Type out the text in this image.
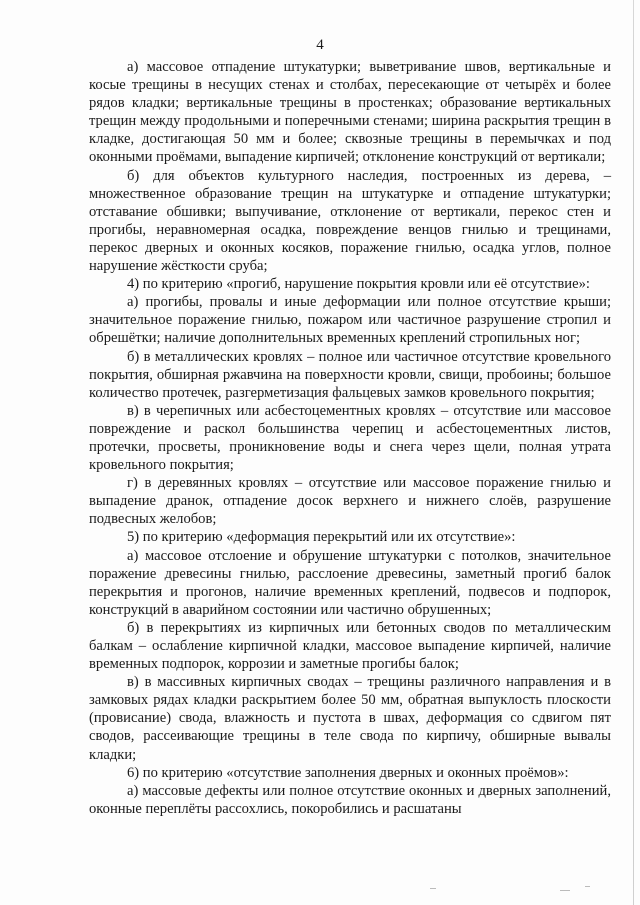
4

а) массовое отпадение штукатурки; выветривание швов, вертикальные и косые трещины в несущих стенах и столбах, пересекающие от четырёх и более рядов кладки; вертикальные трещины в простенках; образование вертикальных трещин между продольными и поперечными стенами; ширина раскрытия трещин в кладке, достигающая 50 мм и более; сквозные трещины в перемычках и под оконными проёмами, выпадение кирпичей; отклонение конструкций от вертикали;

б) для объектов культурного наследия, построенных из дерева, – множественное образование трещин на штукатурке и отпадение штукатурки; отставание обшивки; выпучивание, отклонение от вертикали, перекос стен и прогибы, неравномерная осадка, повреждение венцов гнилью и трещинами, перекос дверных и оконных косяков, поражение гнилью, осадка углов, полное нарушение жёсткости сруба;

4) по критерию «прогиб, нарушение покрытия кровли или её отсутствие»:

а) прогибы, провалы и иные деформации или полное отсутствие крыши; значительное поражение гнилью, пожаром или частичное разрушение стропил и обрешётки; наличие дополнительных временных креплений стропильных ног;

б) в металлических кровлях – полное или частичное отсутствие кровельного покрытия, обширная ржавчина на поверхности кровли, свищи, пробоины; большое количество протечек, разгерметизация фальцевых замков кровельного покрытия;

в) в черепичных или асбестоцементных кровлях – отсутствие или массовое повреждение и раскол большинства черепиц и асбестоцементных листов, протечки, просветы, проникновение воды и снега через щели, полная утрата кровельного покрытия;

г) в деревянных кровлях – отсутствие или массовое поражение гнилью и выпадение дранок, отпадение досок верхнего и нижнего слоёв, разрушение подвесных желобов;

5) по критерию «деформация перекрытий или их отсутствие»:

а) массовое отслоение и обрушение штукатурки с потолков, значительное поражение древесины гнилью, расслоение древесины, заметный прогиб балок перекрытия и прогонов, наличие временных креплений, подвесов и подпорок, конструкций в аварийном состоянии или частично обрушенных;

б) в перекрытиях из кирпичных или бетонных сводов по металлическим балкам – ослабление кирпичной кладки, массовое выпадение кирпичей, наличие временных подпорок, коррозии и заметные прогибы балок;

в) в массивных кирпичных сводах – трещины различного направления и в замковых рядах кладки раскрытием более 50 мм, обратная выпуклость плоскости (провисание) свода, влажность и пустота в швах, деформация со сдвигом пят сводов, рассеивающие трещины в теле свода по кирпичу, обширные вывалы кладки;

6) по критерию «отсутствие заполнения дверных и оконных проёмов»:

а) массовые дефекты или полное отсутствие оконных и дверных заполнений, оконные переплёты рассохлись, покоробились и расшатаны
